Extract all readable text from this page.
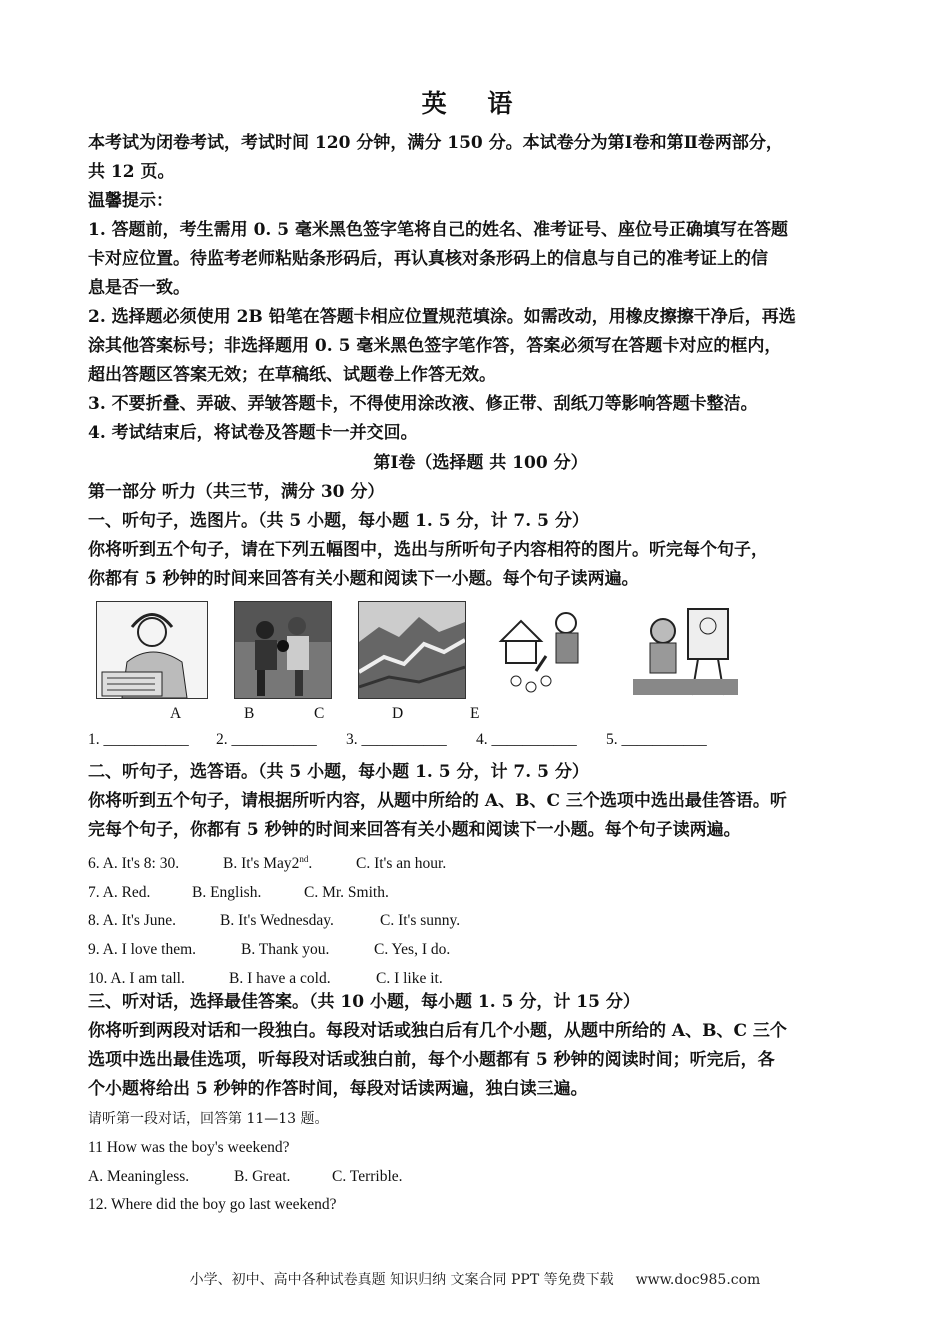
英 语
本考试为闭卷考试，考试时间 120 分钟，满分 150 分。本试卷分为第Ⅰ卷和第Ⅱ卷两部分，
共 12 页。
温馨提示：
1. 答题前，考生需用 0. 5 毫米黑色签字笔将自己的姓名、准考证号、座位号正确填写在答题
卡对应位置。待监考老师粘贴条形码后，再认真核对条形码上的信息与自己的准考证上的信
息是否一致。
2. 选择题必须使用 2B 铅笔在答题卡相应位置规范填涂。如需改动，用橡皮擦擦干净后，再选
涂其他答案标号；非选择题用 0. 5 毫米黑色签字笔作答，答案必须写在答题卡对应的框内，
超出答题区答案无效；在草稿纸、试题卷上作答无效。
3. 不要折叠、弄破、弄皱答题卡，不得使用涂改液、修正带、刮纸刀等影响答题卡整洁。
4. 考试结束后，将试卷及答题卡一并交回。
第Ⅰ卷（选择题 共 100 分）
第一部分 听力（共三节，满分 30 分）
一、听句子，选图片。（共 5 小题，每小题 1. 5 分，计 7. 5 分）
你将听到五个句子，请在下列五幅图中，选出与所听句子内容相符的图片。听完每个句子，
你都有 5 秒钟的时间来回答有关小题和阅读下一小题。每个句子读两遍。
A	B	C	D	E
1. ___________ 2. ___________ 3. ___________ 4. ___________ 5. ___________
二、听句子，选答语。（共 5 小题，每小题 1. 5 分，计 7. 5 分）
你将听到五个句子，请根据所听内容，从题中所给的 A、B、C 三个选项中选出最佳答语。听
完每个句子，你都有 5 秒钟的时间来回答有关小题和阅读下一小题。每个句子读两遍。
6. A. It's 8: 30.	B. It's May2nd.	C. It's an hour.
7. A. Red.	B. English.	C. Mr. Smith.
8. A. It's June.	B. It's Wednesday.	C. It's sunny.
9. A. I love them.	B. Thank you.	C. Yes, I do.
10. A. I am tall.	B. I have a cold.	C. I like it.
三、听对话，选择最佳答案。（共 10 小题，每小题 1. 5 分，计 15 分）
你将听到两段对话和一段独白。每段对话或独白后有几个小题，从题中所给的 A、B、C 三个
选项中选出最佳选项，听每段对话或独白前，每个小题都有 5 秒钟的阅读时间；听完后，各
个小题将给出 5 秒钟的作答时间，每段对话读两遍，独白读三遍。
请听第一段对话，回答第 11—13 题。
11 How was the boy's weekend?
A. Meaningless.	B. Great.	C. Terrible.
12. Where did the boy go last weekend?
小学、初中、高中各种试卷真题 知识归纳 文案合同 PPT 等免费下载 www.doc985.com
